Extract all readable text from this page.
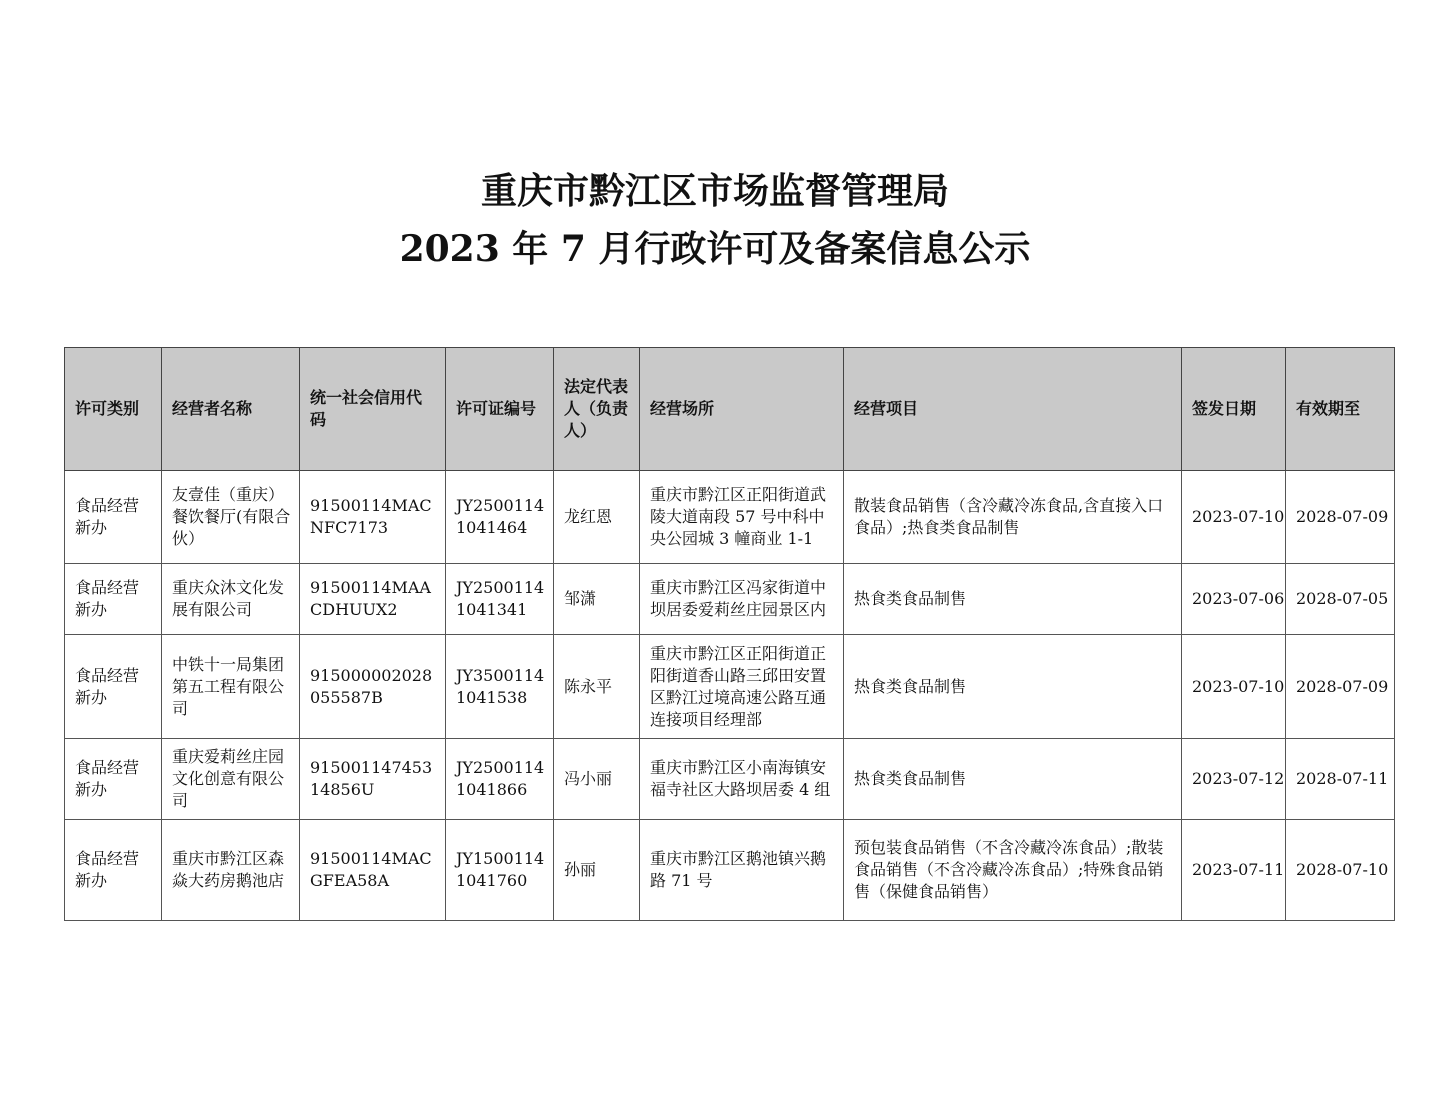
重庆市黔江区市场监督管理局
2023 年 7 月行政许可及备案信息公示
许可类别	经营者名称	统一社会信用代码	许可证编号	法定代表人（负责人）	经营场所	经营项目	签发日期	有效期至
食品经营新办	友壹佳（重庆）餐饮餐厅(有限合伙）	91500114MACNFC7173	JY25001141041464	龙红恩	重庆市黔江区正阳街道武陵大道南段 57 号中科中央公园城 3 幢商业 1-1	散装食品销售（含冷藏冷冻食品,含直接入口食品）;热食类食品制售	2023-07-10	2028-07-09
食品经营新办	重庆众沐文化发展有限公司	91500114MAACDHUUX2	JY25001141041341	邹潇	重庆市黔江区冯家街道中坝居委爱莉丝庄园景区内	热食类食品制售	2023-07-06	2028-07-05
食品经营新办	中铁十一局集团第五工程有限公司	915000002028055587B	JY35001141041538	陈永平	重庆市黔江区正阳街道正阳街道香山路三邱田安置区黔江过境高速公路互通连接项目经理部	热食类食品制售	2023-07-10	2028-07-09
食品经营新办	重庆爱莉丝庄园文化创意有限公司	91500114745314856U	JY25001141041866	冯小丽	重庆市黔江区小南海镇安福寺社区大路坝居委 4 组	热食类食品制售	2023-07-12	2028-07-11
食品经营新办	重庆市黔江区森焱大药房鹅池店	91500114MACGFEA58A	JY15001141041760	孙丽	重庆市黔江区鹅池镇兴鹅路 71 号	预包装食品销售（不含冷藏冷冻食品）;散装食品销售（不含冷藏冷冻食品）;特殊食品销售（保健食品销售）	2023-07-11	2028-07-10
